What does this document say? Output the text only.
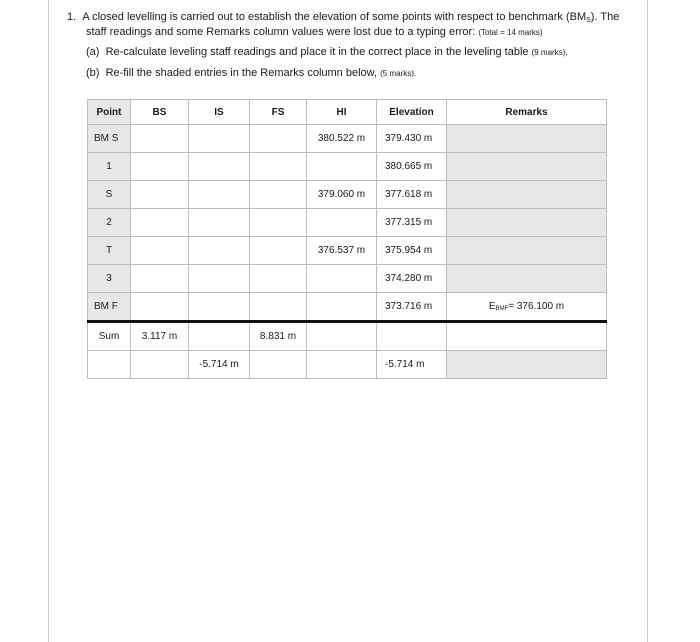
1. A closed levelling is carried out to establish the elevation of some points with respect to benchmark $(BM_S)$. The
staff readings and some Remarks column values were lost due to a typing error: (Total = 14 marks)
(a) Re-calculate leveling staff readings and place it in the correct place in the leveling table (9 marks),
(b) Re-fill the shaded entries in the Remarks column below, (5 marks).
Point	BS	IS	FS	HI	Elevation	Remarks
BM S				380.522 m	379.430 m	
1					380.665 m	
S				379.060 m	377.618 m	
2					377.315 m	
T				376.537 m	375.954 m	
3					374.280 m	
BM F					373.716 m	EBMF= 376.100 m
Sum	3.117 m		8.831 m			
		-5.714 m			-5.714 m	
